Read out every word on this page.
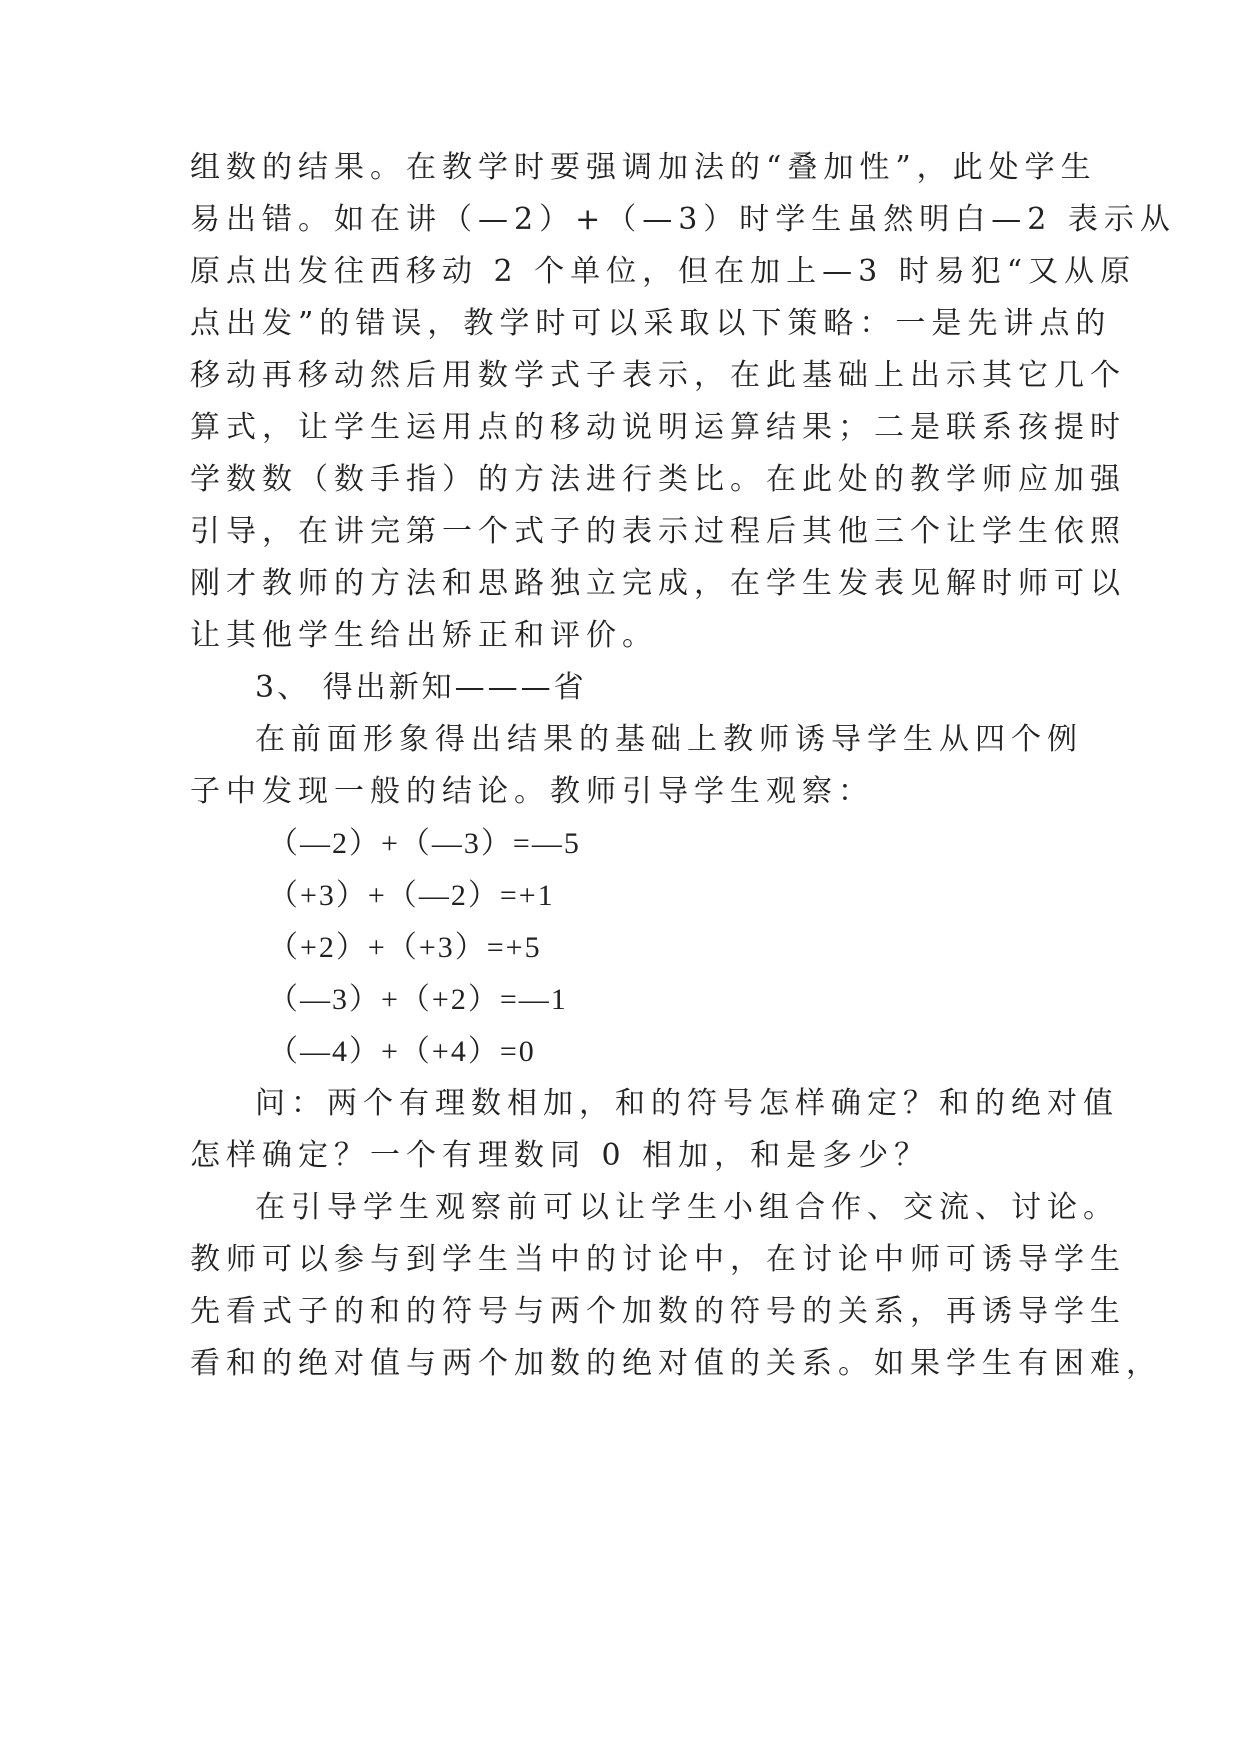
组数的结果。在教学时要强调加法的“叠加性”，此处学生
易出错。如在讲（—2）+（—3）时学生虽然明白—2 表示从
原点出发往西移动 2 个单位，但在加上—3 时易犯“又从原
点出发”的错误，教学时可以采取以下策略：一是先讲点的
移动再移动然后用数学式子表示，在此基础上出示其它几个
算式，让学生运用点的移动说明运算结果；二是联系孩提时
学数数（数手指）的方法进行类比。在此处的教学师应加强
引导，在讲完第一个式子的表示过程后其他三个让学生依照
刚才教师的方法和思路独立完成，在学生发表见解时师可以
让其他学生给出矫正和评价。
3、 得出新知———省
在前面形象得出结果的基础上教师诱导学生从四个例
子中发现一般的结论。教师引导学生观察：
（—2）+（—3）=—5
（+3）+（—2）=+1
（+2）+（+3）=+5
（—3）+（+2）=—1
（—4）+（+4）=0
问：两个有理数相加，和的符号怎样确定？和的绝对值
怎样确定？一个有理数同 0 相加，和是多少？
在引导学生观察前可以让学生小组合作、交流、讨论。
教师可以参与到学生当中的讨论中，在讨论中师可诱导学生
先看式子的和的符号与两个加数的符号的关系，再诱导学生
看和的绝对值与两个加数的绝对值的关系。如果学生有困难，
